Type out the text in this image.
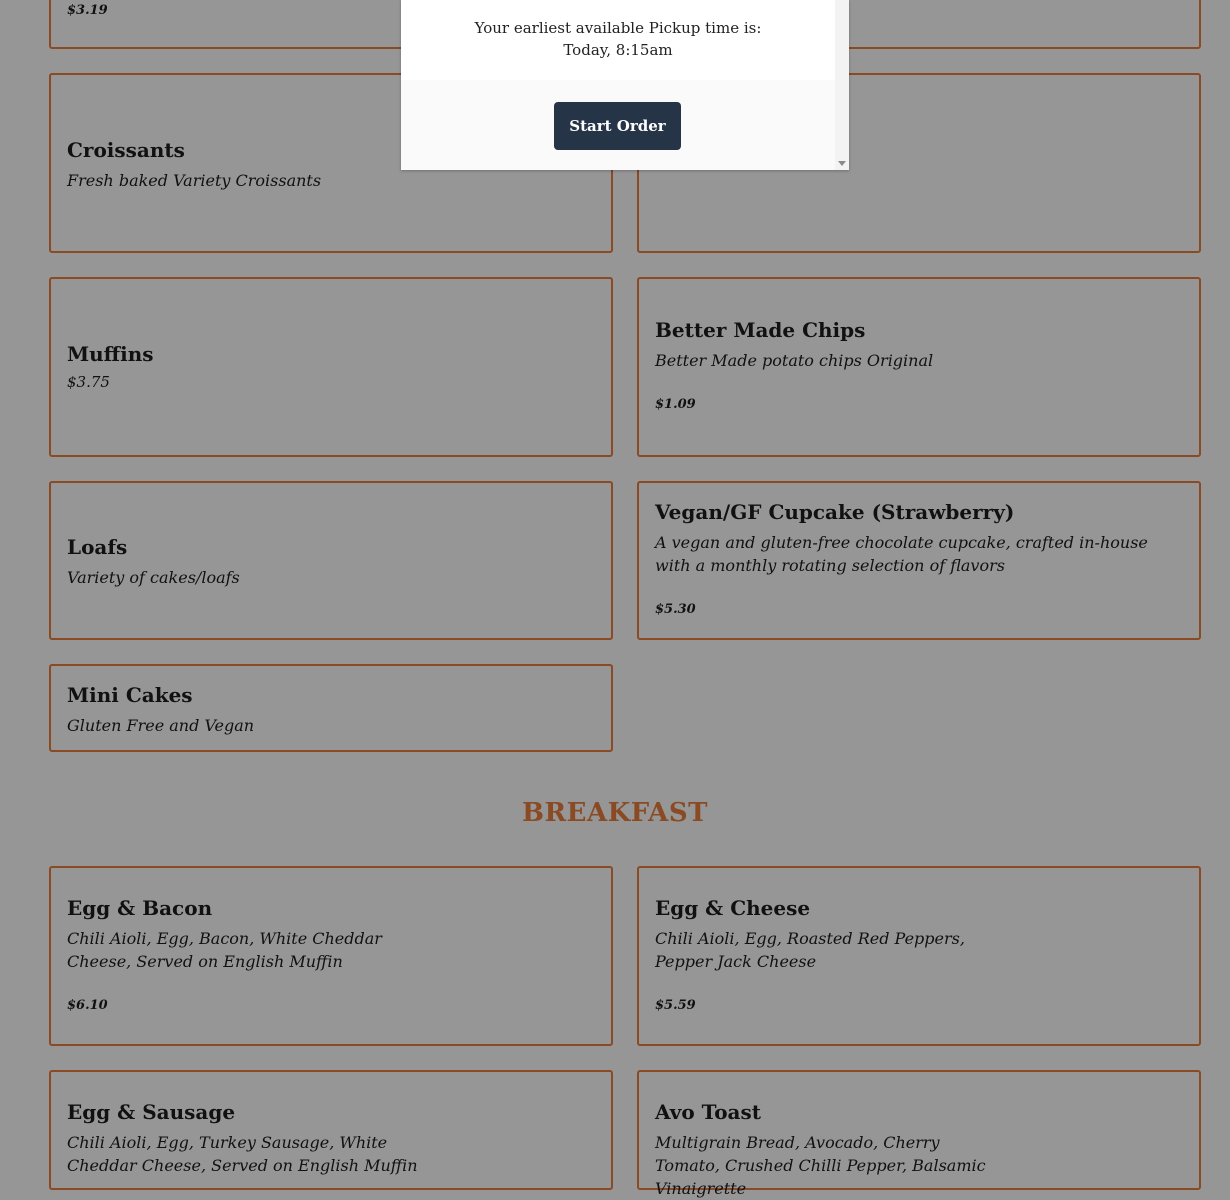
$3.19
Croissants
Fresh baked Variety Croissants
Muffins
$3.75
Better Made Chips
Better Made potato chips Original
$1.09
Loafs
Variety of cakes/loafs
Vegan/GF Cupcake (Strawberry)
A vegan and gluten-free chocolate cupcake, crafted in-house with a monthly rotating selection of flavors
$5.30
Mini Cakes
Gluten Free and Vegan
BREAKFAST
Egg & Bacon
Chili Aioli, Egg, Bacon, White Cheddar Cheese, Served on English Muffin
$6.10
Egg & Cheese
Chili Aioli, Egg, Roasted Red Peppers, Pepper Jack Cheese
$5.59
Egg & Sausage
Chili Aioli, Egg, Turkey Sausage, White Cheddar Cheese, Served on English Muffin
Avo Toast
Multigrain Bread, Avocado, Cherry Tomato, Crushed Chilli Pepper, Balsamic Vinaigrette
Your earliest available Pickup time is:
Today, 8:15am
Start Order
